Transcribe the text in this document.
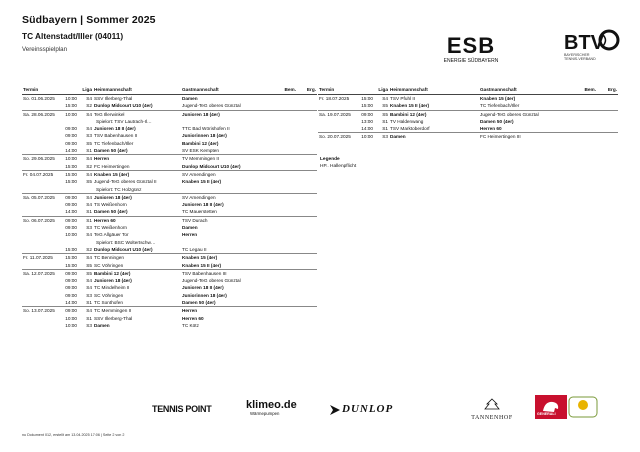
Südbayern | Sommer 2025
TC Altenstadt/Iller (04011)
Vereinsspielplan	ESB
ENERGIE SÜDBAYERN
BTV
BAYERISCHER TENNIS-VERBAND
Termin		Liga	Heimmannschaft	Gastmannschaft	Bem.	Erg.
So. 01.06.2025	10:00	S4	SSV Illerberg-Thal	Damen		
	15:00	S2	Dunlop Midcourt U10 (4er)	Jugend-TeG oberes Günztal		
Sa. 28.06.2025	10:00	S4	TeG Illerwinkel	Junioren 18 (4er)		
			Spielort: TSV Lautrach-Il…			
	09:00	S4	Junioren 18 II (4er)	TTC Bad Wörishofen II		
	09:00	S3	TSV Babenhausen II	Juniorinnen 18 (4er)		
	09:00	S5	TC Tiefenbach/Iller	Bambini 12 (4er)		
	14:00	S1	Damen 50 (4er)	SV ESK Kempten		
So. 29.06.2025	10:00	S4	Herren	TV Memmingen II		
	15:00	S2	FC Heimertingen	Dunlop Midcourt U10 (4er)		
Fr. 04.07.2025	15:00	S4	Knaben 15 (4er)	SV Amendingen		
	15:00	S5	Jugend-TeG oberes Günztal II	Knaben 15 II (4er)		
			Spielort: TC Holzgünz			
Sa. 05.07.2025	09:00	S4	Junioren 18 (4er)	SV Amendingen		
	09:00	S4	TS Weißenhorn	Junioren 18 II (4er)		
	14:00	S1	Damen 50 (4er)	TC Mauerstetten		
So. 06.07.2025	09:00	S1	Herren 60	TSV Durach		
	09:00	S3	TC Weißenhorn	Damen		
	10:00	S4	TeG Allgäuer Tor	Herren		
			Spielort: BSC Woltertschw…			
	15:00	S2	Dunlop Midcourt U10 (4er)	TC Legau II		
Fr. 11.07.2025	15:00	S4	TC Benningen	Knaben 15 (4er)		
	15:00	S5	SC Vöhringen	Knaben 15 II (4er)		
Sa. 12.07.2025	09:00	S5	Bambini 12 (4er)	TSV Babenhausen III		
	09:00	S4	Junioren 18 (4er)	Jugend-TeG oberes Günztal		
	09:00	S4	TC Mindelheim II	Junioren 18 II (4er)		
	09:00	S3	SC Vöhringen	Juniorinnen 18 (4er)		
	14:00	S1	TC Sonthofen	Damen 50 (4er)		
So. 13.07.2025	09:00	S4	TC Memmingen II	Herren		
	10:00	S1	SSV Illerberg-Thal	Herren 60		
	10:00	S3	Damen	TC Kötz		
Termin		Liga	Heimmannschaft	Gastmannschaft	Bem.	Erg.
Fr. 18.07.2025	15:00	S4	TSV Pfuhl II	Knaben 15 (4er)		
	15:00	S5	Knaben 15 II (4er)	TC Tiefenbach/Iller		
Sa. 19.07.2025	09:00	S5	Bambini 12 (4er)	Jugend-TeG oberes Günztal		
	13:00	S1	TV Haldenwang	Damen 50 (4er)		
	14:00	S1	TSV Marktoberdorf	Herren 60		
So. 20.07.2025	10:00	S3	Damen	FC Heimertingen III		
Legende
HP.. Hallenpflicht
TENNIS POINT	klimeo.de
Wärmepumpen	DUNLOP
TANNENHOF
GENERALI
nu Dokument 012, erstellt am 13.04.2025 17:06 | Seite 2 von 2
